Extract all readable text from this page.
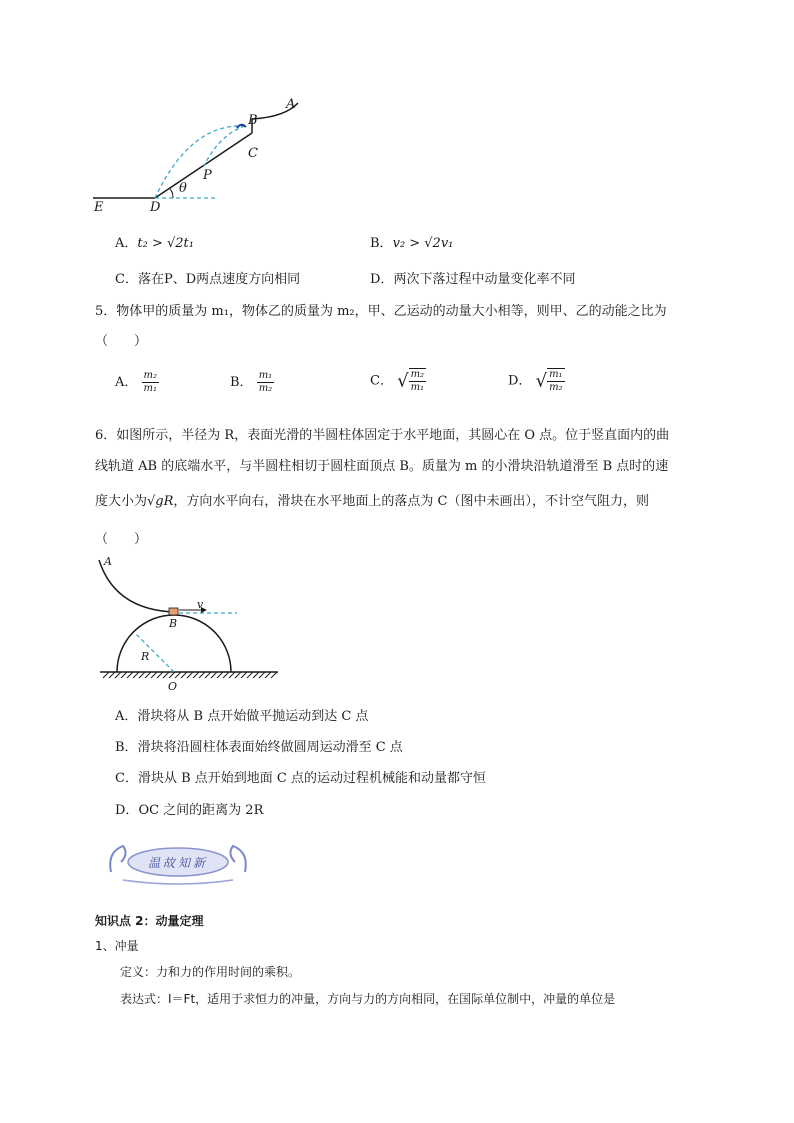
A
B
C
P
θ
D
E
A．t₂ > √2t₁	B．v₂ > √2v₁
C．落在P、D两点速度方向相同	D．两次下落过程中动量变化率不同
5．物体甲的质量为 m₁，物体乙的质量为 m₂，甲、乙运动的动量大小相等，则甲、乙的动能之比为
（　　）
A． $\frac{\text{m₂}}{\text{m₁}}$	B． $\frac{\text{m₁}}{\text{m₂}}$	C． √ $\frac{\text{m₂}}{\text{m₁}}$	D． √ $\frac{\text{m₁}}{\text{m₂}}$
6．如图所示，半径为 R，表面光滑的半圆柱体固定于水平地面，其圆心在 O 点。位于竖直面内的曲
线轨道 AB 的底端水平，与半圆柱相切于圆柱面顶点 B。质量为 m 的小滑块沿轨道滑至 B 点时的速
度大小为√gR，方向水平向右，滑块在水平地面上的落点为 C（图中未画出），不计空气阻力，则
（　　）
A
B
v
R
O
A．滑块将从 B 点开始做平抛运动到达 C 点
B．滑块将沿圆柱体表面始终做圆周运动滑至 C 点
C．滑块从 B 点开始到地面 C 点的运动过程机械能和动量都守恒
D．OC 之间的距离为 2R
温故知新
知识点 2：动量定理
1、冲量
定义：力和力的作用时间的乘积。
表达式：I＝Ft，适用于求恒力的冲量，方向与力的方向相同，在国际单位制中，冲量的单位是
